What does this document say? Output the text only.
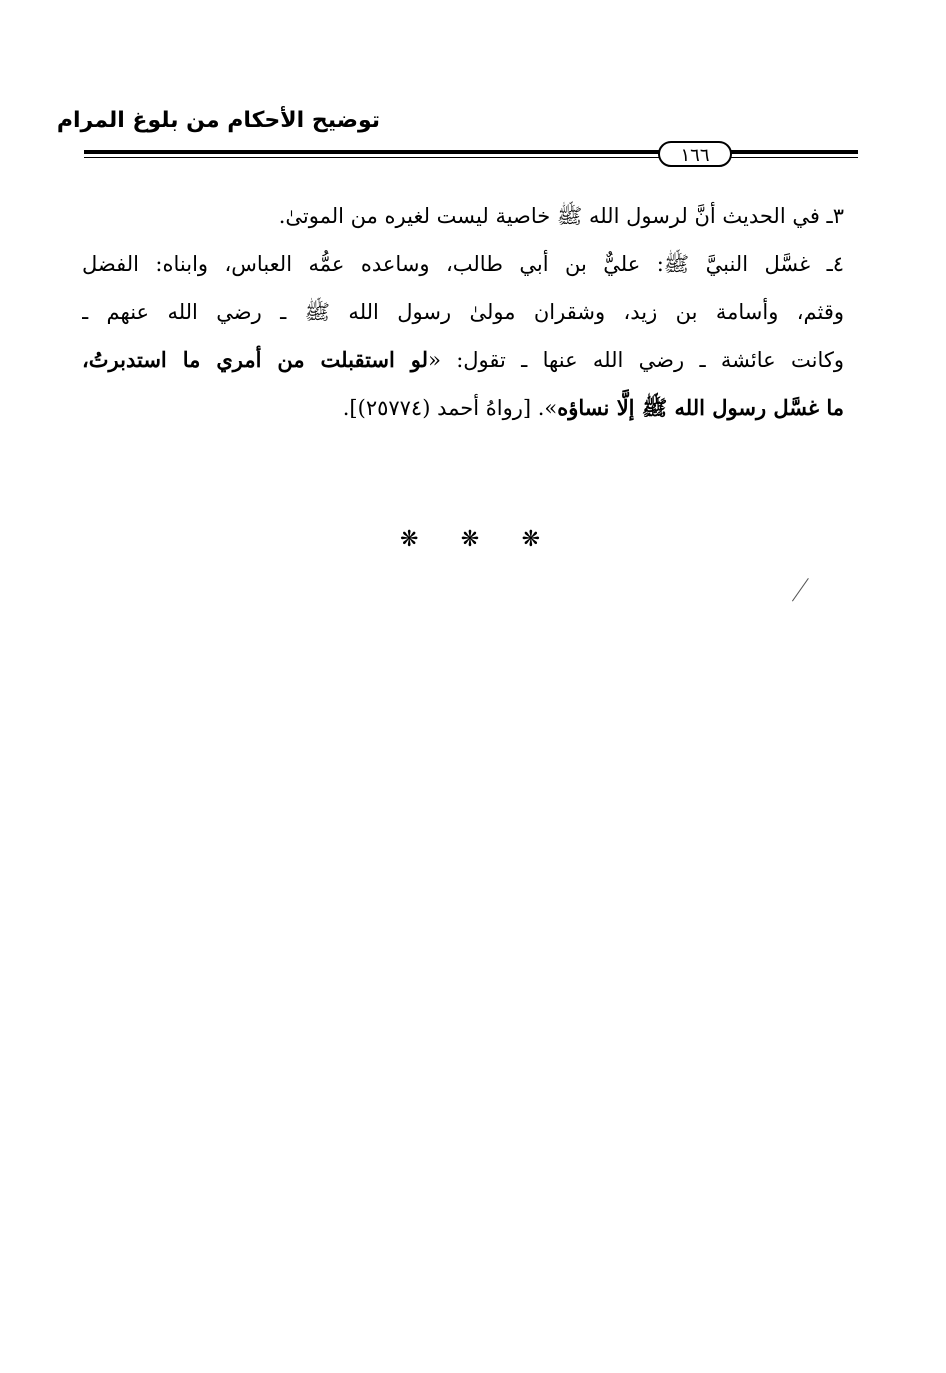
توضيح الأحكام من بلوغ المرام
١٦٦

٣ـ في الحديث أنَّ لرسول الله ﷺ خاصية ليست لغيره من الموتىٰ.

٤ـ غسَّل النبيَّ ﷺ: عليٌّ بن أبي طالب، وساعده عمُّه العباس، وابناه: الفضل
وقثم، وأسامة بن زيد، وشقران مولىٰ رسول الله ﷺ ـ رضي الله عنهم ـ
وكانت عائشة ـ رضي الله عنها ـ تقول: «لو استقبلت من أمري ما استدبرتُ،
ما غسَّل رسول الله ﷺ إلَّا نساؤه». [رواهُ أحمد (٢٥٧٧٤)].

❋ ❋ ❋
